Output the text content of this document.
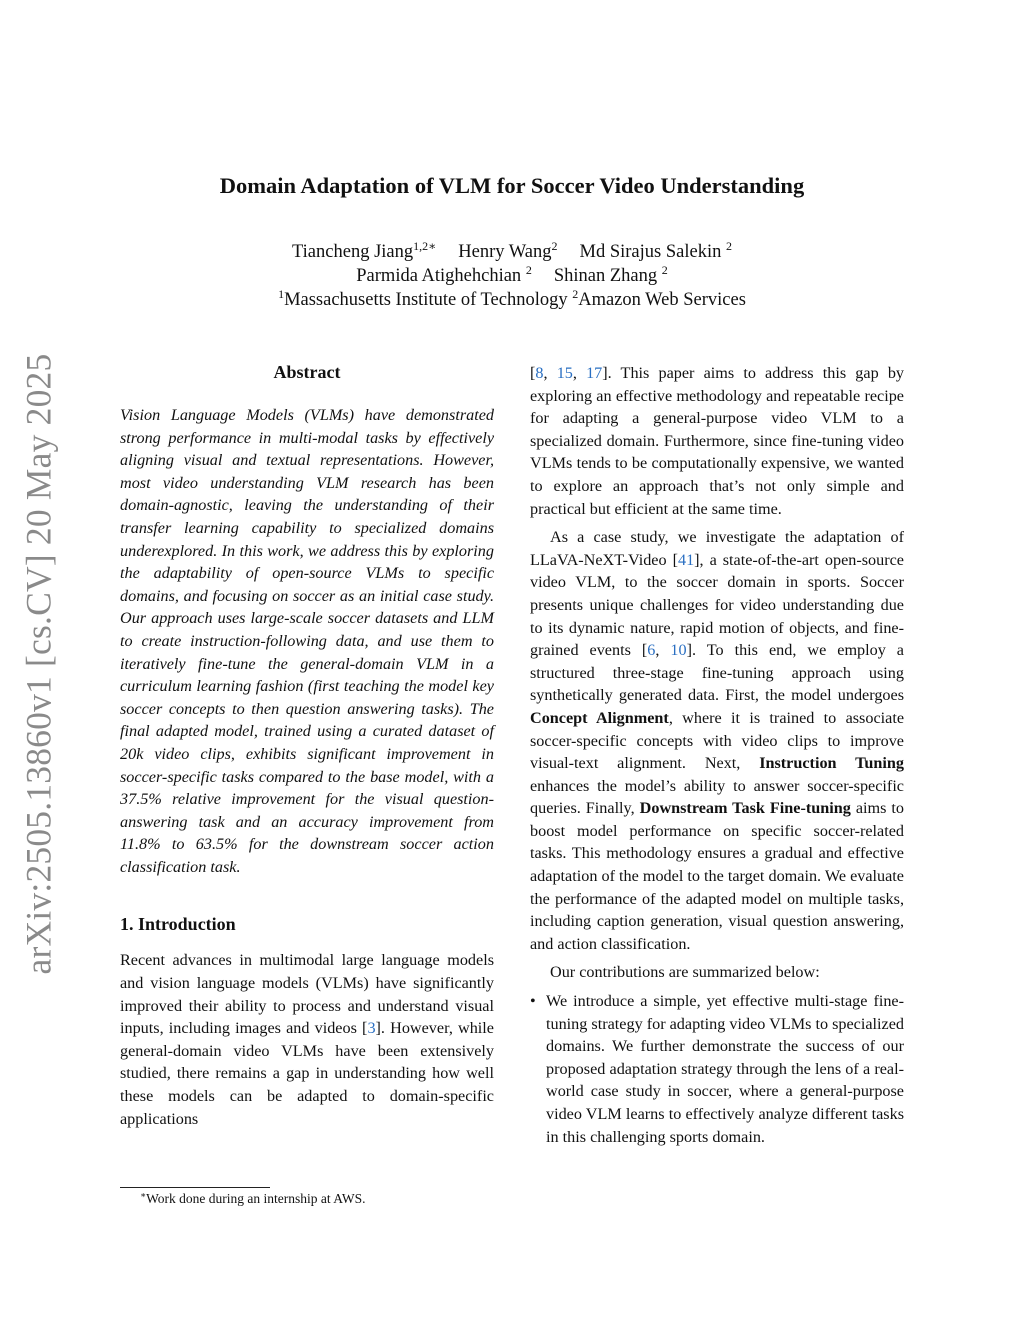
arXiv:2505.13860v1 [cs.CV] 20 May 2025
Domain Adaptation of VLM for Soccer Video Understanding
Tiancheng Jiang$^{1,2∗}$ Henry Wang$^2$ Md Sirajus Salekin $^2$
Parmida Atighehchian $^2$ Shinan Zhang $^2$
$^1$Massachusetts Institute of Technology $^2$Amazon Web Services
Abstract

Vision Language Models (VLMs) have demonstrated strong performance in multi-modal tasks by effectively aligning visual and textual representations. However, most video understanding VLM research has been domain-agnostic, leaving the understanding of their transfer learning capability to specialized domains underexplored. In this work, we address this by exploring the adaptability of open-source VLMs to specific domains, and focusing on soccer as an initial case study. Our approach uses large-scale soccer datasets and LLM to create instruction-following data, and use them to iteratively fine-tune the general-domain VLM in a curriculum learning fashion (first teaching the model key soccer concepts to then question answering tasks). The final adapted model, trained using a curated dataset of 20k video clips, exhibits significant improvement in soccer-specific tasks compared to the base model, with a 37.5% relative improvement for the visual question-answering task and an accuracy improvement from 11.8% to 63.5% for the downstream soccer action classification task.

1. Introduction

Recent advances in multimodal large language models and vision language models (VLMs) have significantly improved their ability to process and understand visual inputs, including images and videos [3]. However, while general-domain video VLMs have been extensively studied, there remains a gap in understanding how well these models can be adapted to domain-specific applications

[8, 15, 17]. This paper aims to address this gap by exploring an effective methodology and repeatable recipe for adapting a general-purpose video VLM to a specialized domain. Furthermore, since fine-tuning video VLMs tends to be computationally expensive, we wanted to explore an approach that’s not only simple and practical but efficient at the same time.

As a case study, we investigate the adaptation of LLaVA-NeXT-Video [41], a state-of-the-art open-source video VLM, to the soccer domain in sports. Soccer presents unique challenges for video understanding due to its dynamic nature, rapid motion of objects, and fine-grained events [6, 10]. To this end, we employ a structured three-stage fine-tuning approach using synthetically generated data. First, the model undergoes Concept Alignment, where it is trained to associate soccer-specific concepts with video clips to improve visual-text alignment. Next, Instruction Tuning enhances the model’s ability to answer soccer-specific queries. Finally, Downstream Task Fine-tuning aims to boost model performance on specific soccer-related tasks. This methodology ensures a gradual and effective adaptation of the model to the target domain. We evaluate the performance of the adapted model on multiple tasks, including caption generation, visual question answering, and action classification.

Our contributions are summarized below:

• We introduce a simple, yet effective multi-stage fine-tuning strategy for adapting video VLMs to specialized domains. We further demonstrate the success of our proposed adaptation strategy through the lens of a real-world case study in soccer, where a general-purpose video VLM learns to effectively analyze different tasks in this challenging sports domain.
∗Work done during an internship at AWS.
